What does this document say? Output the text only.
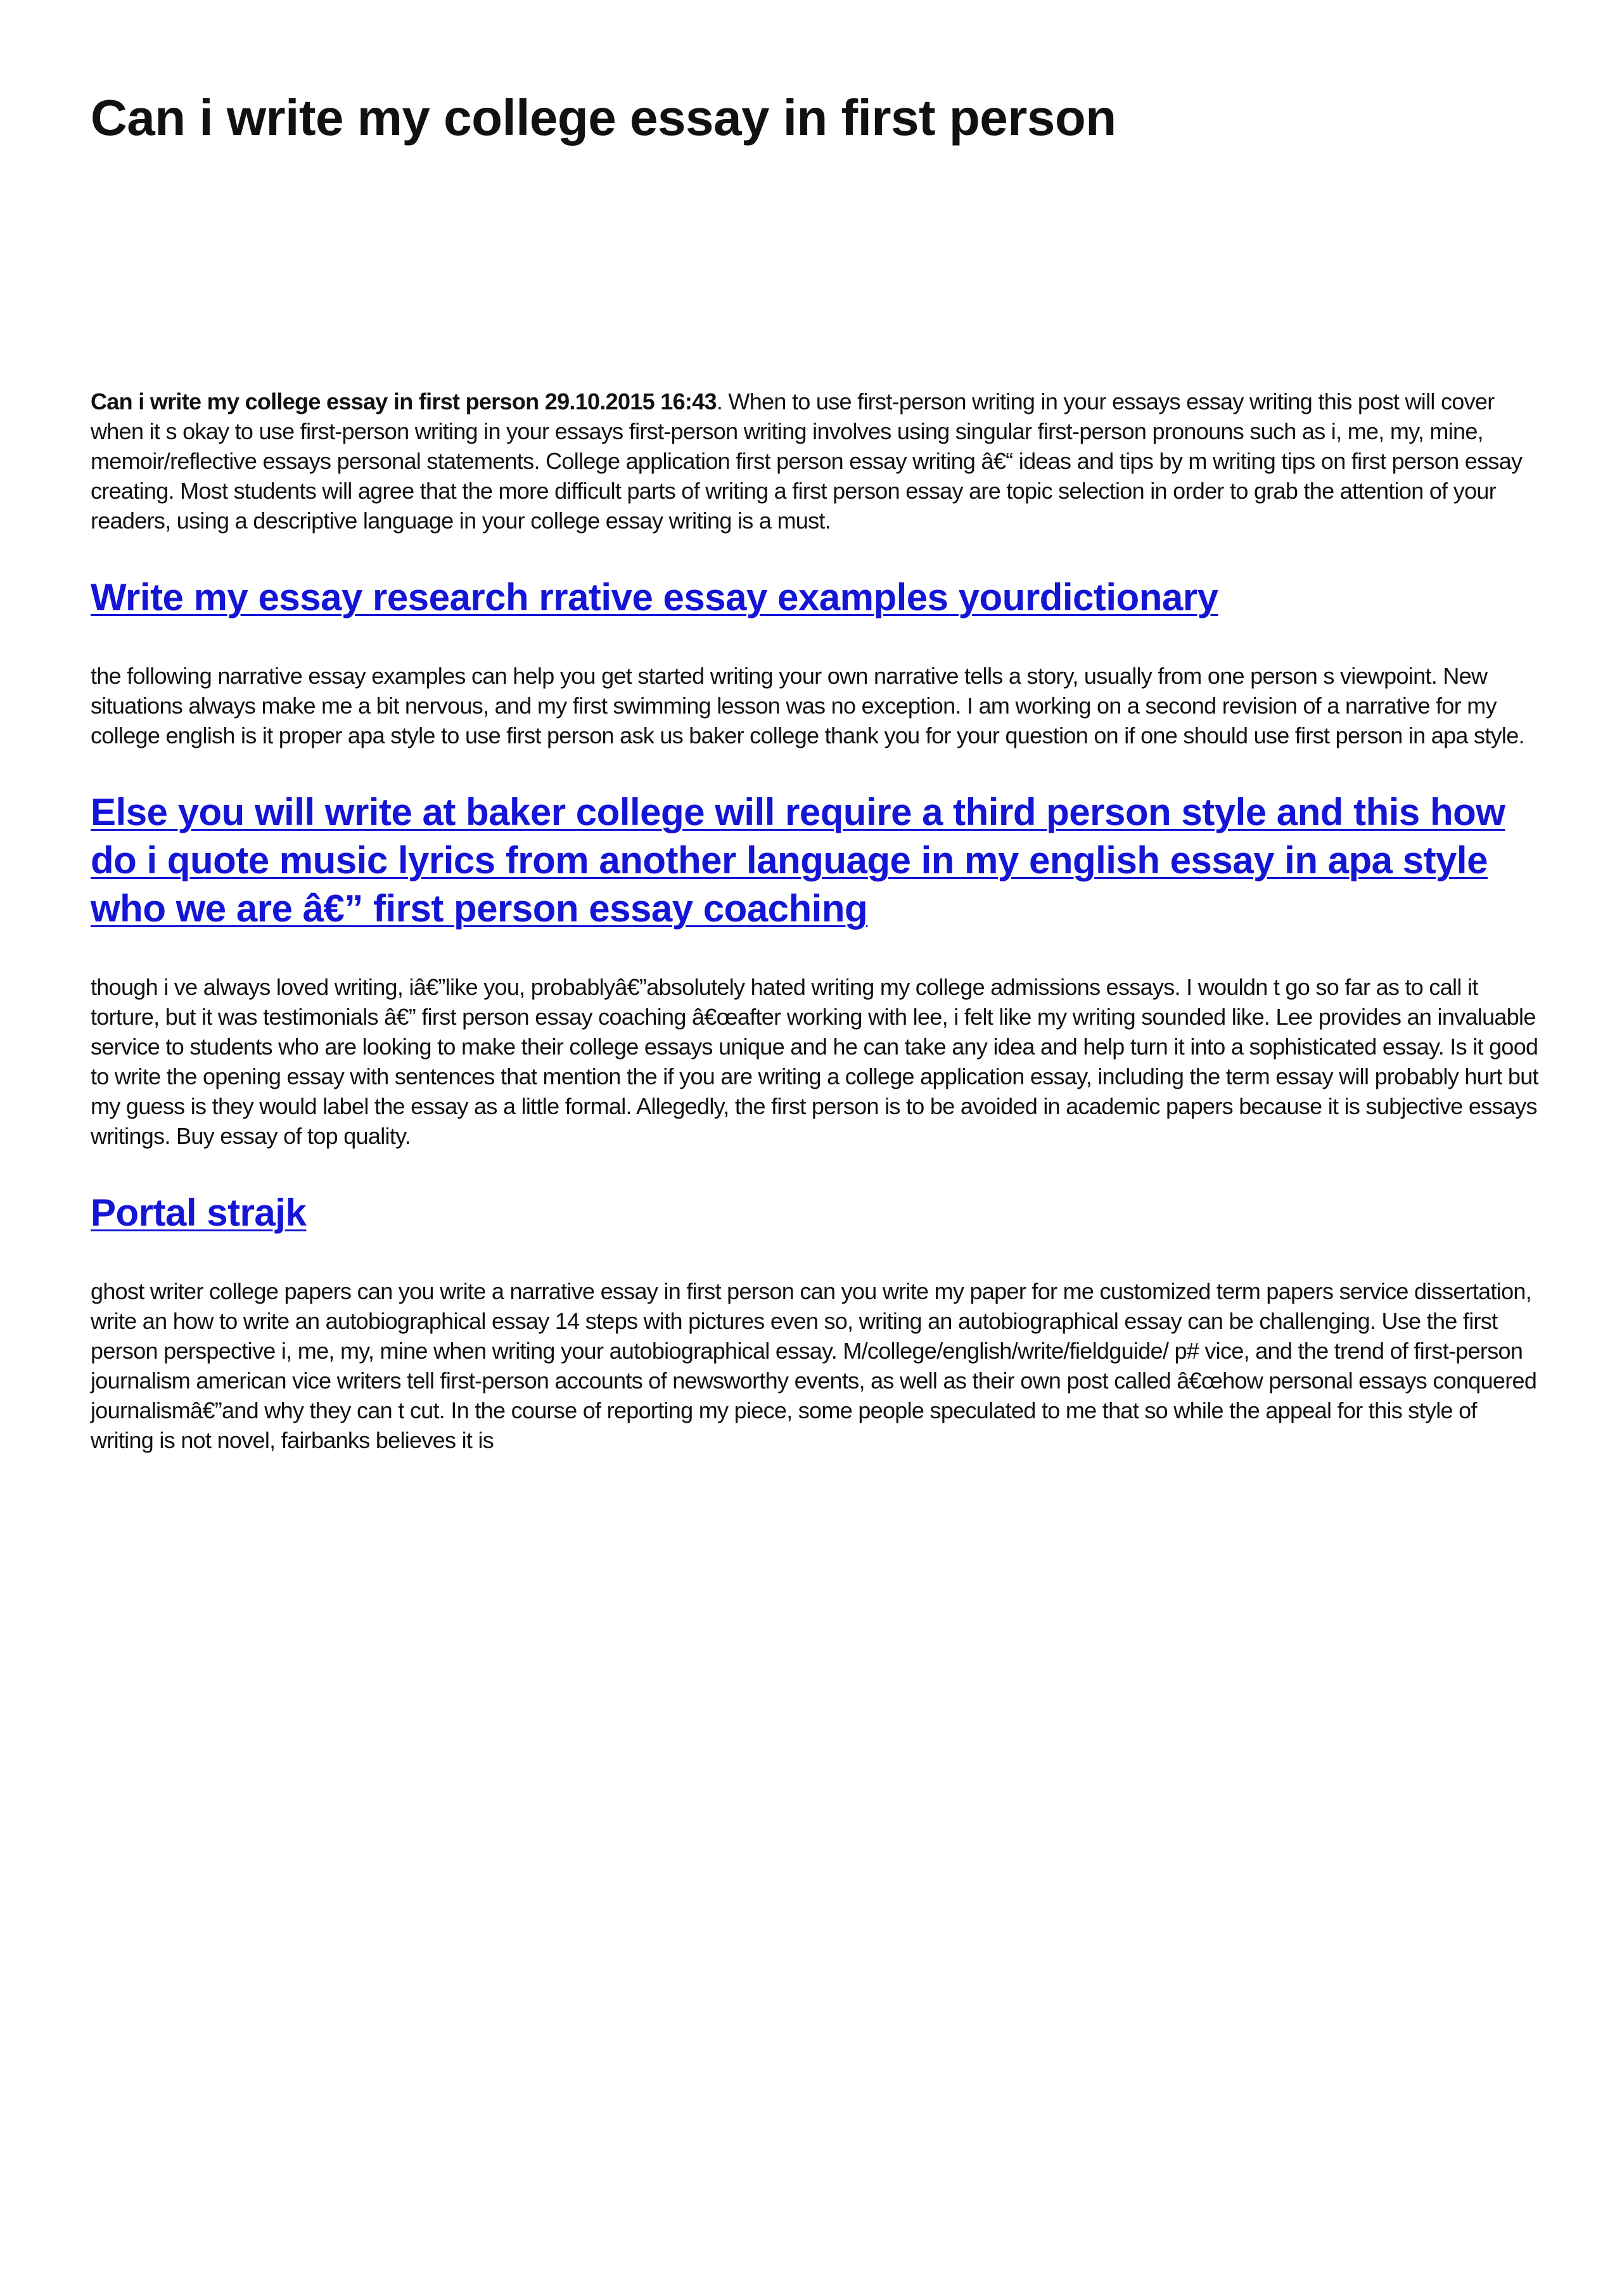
Can i write my college essay in first person

Can i write my college essay in first person 29.10.2015 16:43. When to use first-person writing in your essays essay writing this post will cover when it s okay to use first-person writing in your essays first-person writing involves using singular first-person pronouns such as i, me, my, mine, memoir/reflective essays personal statements. College application first person essay writing â€“ ideas and tips by m writing tips on first person essay creating. Most students will agree that the more difficult parts of writing a first person essay are topic selection in order to grab the attention of your readers, using a descriptive language in your college essay writing is a must.

Write my essay research rrative essay examples yourdictionary

the following narrative essay examples can help you get started writing your own narrative tells a story, usually from one person s viewpoint. New situations always make me a bit nervous, and my first swimming lesson was no exception. I am working on a second revision of a narrative for my college english is it proper apa style to use first person ask us baker college thank you for your question on if one should use first person in apa style.

Else you will write at baker college will require a third person style and this how do i quote music lyrics from another language in my english essay in apa style who we are â€” first person essay coaching

though i ve always loved writing, iâ€”like you, probablyâ€”absolutely hated writing my college admissions essays. I wouldn t go so far as to call it torture, but it was testimonials â€” first person essay coaching â€œafter working with lee, i felt like my writing sounded like. Lee provides an invaluable service to students who are looking to make their college essays unique and he can take any idea and help turn it into a sophisticated essay. Is it good to write the opening essay with sentences that mention the if you are writing a college application essay, including the term essay will probably hurt but my guess is they would label the essay as a little formal. Allegedly, the first person is to be avoided in academic papers because it is subjective essays writings. Buy essay of top quality.

Portal strajk

ghost writer college papers can you write a narrative essay in first person can you write my paper for me customized term papers service dissertation, write an how to write an autobiographical essay 14 steps with pictures even so, writing an autobiographical essay can be challenging. Use the first person perspective i, me, my, mine when writing your autobiographical essay. M/college/english/write/fieldguide/ p# vice, and the trend of first-person journalism american vice writers tell first-person accounts of newsworthy events, as well as their own post called â€œhow personal essays conquered journalismâ€”and why they can t cut. In the course of reporting my piece, some people speculated to me that so while the appeal for this style of writing is not novel, fairbanks believes it is
